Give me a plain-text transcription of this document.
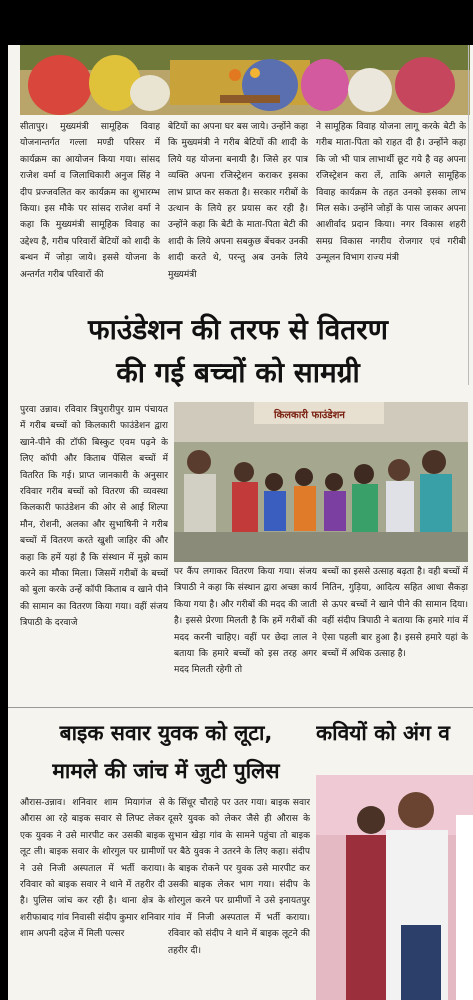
सीतापुर। मुख्यमंत्री सामूहिक विवाह योजनान्तर्गत गल्ला मण्डी परिसर में कार्यक्रम का आयोजन किया गया। सांसद राजेश वर्मा व जिलाधिकारी अनुज सिंह ने दीप प्रज्जवलित कर कार्यक्रम का शुभारम्भ किया। इस मौके पर सांसद राजेश वर्मा ने कहा कि मुख्यमंत्री सामूहिक विवाह का उद्देश्य है, गरीब परिवारों बेटियों को शादी के बन्धन में जोड़ा जाये। इससे योजना के अन्तर्गत गरीब परिवारों की
बेटियों का अपना घर बस जाये। उन्होंने कहा कि मुख्यमंत्री ने गरीब बेटियों की शादी के लिये यह योजना बनायी है। जिसे हर पात्र व्यक्ति अपना रजिस्ट्रेशन कराकर इसका लाभ प्राप्त कर सकता है। सरकार गरीबों के उत्थान के लिये हर प्रयास कर रही है। उन्होंने कहा कि बेटी के माता-पिता बेटी की शादी के लिये अपना सबकुछ बेंचकर उनकी शादी करते थे, परन्तु अब उनके लिये मुख्यमंत्री
ने सामूहिक विवाह योजना लागू करके बेटी के गरीब माता-पिता को राहत दी है। उन्होंने कहा कि जो भी पात्र लाभार्थी छूट गये है वह अपना रजिस्ट्रेशन करा लें, ताकि अगले सामूहिक विवाह कार्यक्रम के तहत उनको इसका लाभ मिल सके। उन्होंने जोड़ों के पास जाकर अपना आशीर्वाद प्रदान किया। नगर विकास शहरी समग्र विकास नगरीय रोजगार एवं गरीबी उन्मूलन विभाग राज्य मंत्री
फाउंडेशन की तरफ से वितरण
की गई बच्चों को सामग्री
पुरवा उन्नाव। रविवार त्रिपुरारीपुर ग्राम पंचायत में गरीब बच्चों को किलकारी फाउंडेशन द्वारा खाने-पीने की टॉफी बिस्कुट एवम पढ़ने के लिए कॉपी और किताब पेंसिल बच्चों में वितरित कि गई। प्राप्त जानकारी के अनुसार रविवार गरीब बच्चों को वितरण की व्यवस्था किलकारी फाउंडेशन की ओर से आई शिल्पा मौन, रोशनी, अलका और सुभाषिनी ने गरीब बच्चों में वितरण करते खुशी जाहिर की और कहा कि हमें यहां है कि संस्थान में मुझे काम करने का मौका मिला। जिसमें गरीबों के बच्चों को बुला करके उन्हें कॉपी किताब व खाने पीने की सामान का वितरण किया गया। वहीं संजय त्रिपाठी के दरवाजे
किलकारी फाउंडेशन
पर कैंप लगाकर वितरण किया गया। संजय त्रिपाठी ने कहा कि संस्थान द्वारा अच्छा कार्य किया गया है। और गरीबों की मदद की जाती है। इससे प्रेरणा मिलती है कि हमें गरीबों की मदद करनी चाहिए। वहीं पर छेदा लाल ने बताया कि हमारे बच्चों को इस तरह अगर मदद मिलती रहेगी तो
बच्चों का इससे उत्साह बढ़ता है। वही बच्चों में नितिन, गुड़िया, आदित्य सहित आधा सैकड़ा से ऊपर बच्चों ने खाने पीने की सामान दिया। वहीं संदीप त्रिपाठी ने बताया कि हमारे गांव में ऐसा पहली बार हुआ है। इससे हमारे यहां के बच्चों में अधिक उत्साह है।
बाइक सवार युवक को लूटा,
मामले की जांच में जुटी पुलिस
कवियों को अंग व
औरास-उन्नाव। शनिवार शाम मियागंज से औरास आ रहे बाइक सवार से लिफ्ट लेकर एक युवक ने उसे मारपीट कर उसकी बाइक लूट ली। बाइक सवार के शोरगुल पर ग्रामीणों ने उसे निजी अस्पताल में भर्ती कराया। रविवार को बाइक सवार ने थाने में तहरीर दी है। पुलिस जांच कर रही है। थाना क्षेत्र के शरीफाबाद गांव निवासी संदीप कुमार शनिवार शाम अपनी दहेज में मिली पल्सर
के सिंधूर चौराहे पर उतर गया। बाइक सवार दूसरे युवक को लेकर जैसे ही औरास के सुभान खेड़ा गांव के सामने पहुंचा तो बाइक पर बैठे युवक ने उतरने के लिए कहा। संदीप के बाइक रोकने पर युवक उसे मारपीट कर उसकी बाइक लेकर भाग गया। संदीप के शोरगुल करने पर ग्रामीणों ने उसे इनायतपुर गांव में निजी अस्पताल में भर्ती कराया। रविवार को संदीप ने थाने में बाइक लूटने की तहरीर दी।
